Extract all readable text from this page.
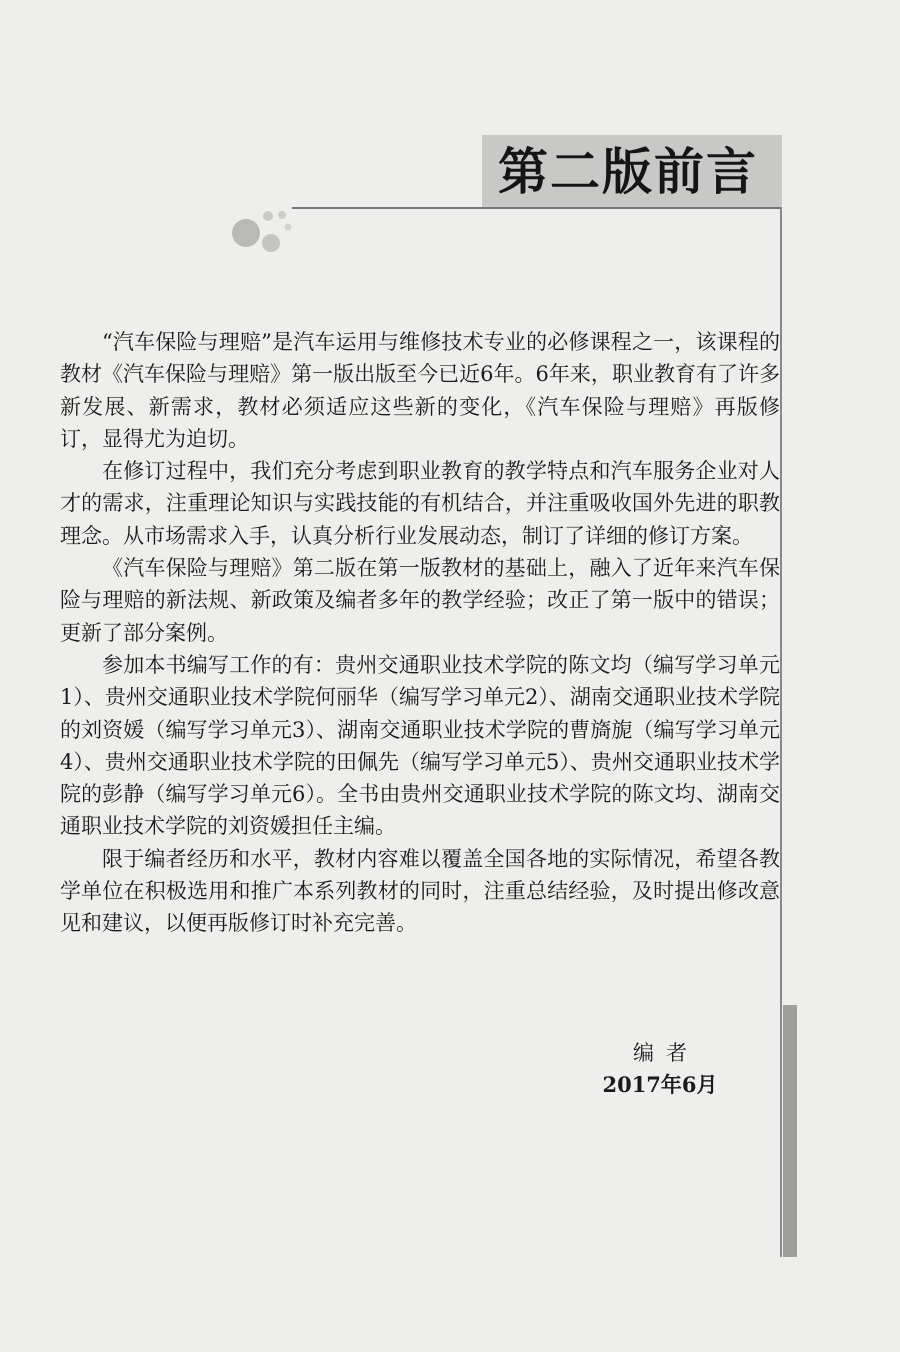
第二版前言

“汽车保险与理赔”是汽车运用与维修技术专业的必修课程之一，该课程的教材《汽车保险与理赔》第一版出版至今已近6年。6年来，职业教育有了许多新发展、新需求，教材必须适应这些新的变化，《汽车保险与理赔》再版修订，显得尤为迫切。

在修订过程中，我们充分考虑到职业教育的教学特点和汽车服务企业对人才的需求，注重理论知识与实践技能的有机结合，并注重吸收国外先进的职教理念。从市场需求入手，认真分析行业发展动态，制订了详细的修订方案。

《汽车保险与理赔》第二版在第一版教材的基础上，融入了近年来汽车保险与理赔的新法规、新政策及编者多年的教学经验；改正了第一版中的错误；更新了部分案例。

参加本书编写工作的有：贵州交通职业技术学院的陈文均（编写学习单元1）、贵州交通职业技术学院何丽华（编写学习单元2）、湖南交通职业技术学院的刘资媛（编写学习单元3）、湖南交通职业技术学院的曹旖旎（编写学习单元4）、贵州交通职业技术学院的田佩先（编写学习单元5）、贵州交通职业技术学院的彭静（编写学习单元6）。全书由贵州交通职业技术学院的陈文均、湖南交通职业技术学院的刘资媛担任主编。

限于编者经历和水平，教材内容难以覆盖全国各地的实际情况，希望各教学单位在积极选用和推广本系列教材的同时，注重总结经验，及时提出修改意见和建议，以便再版修订时补充完善。

编者
2017年6月
